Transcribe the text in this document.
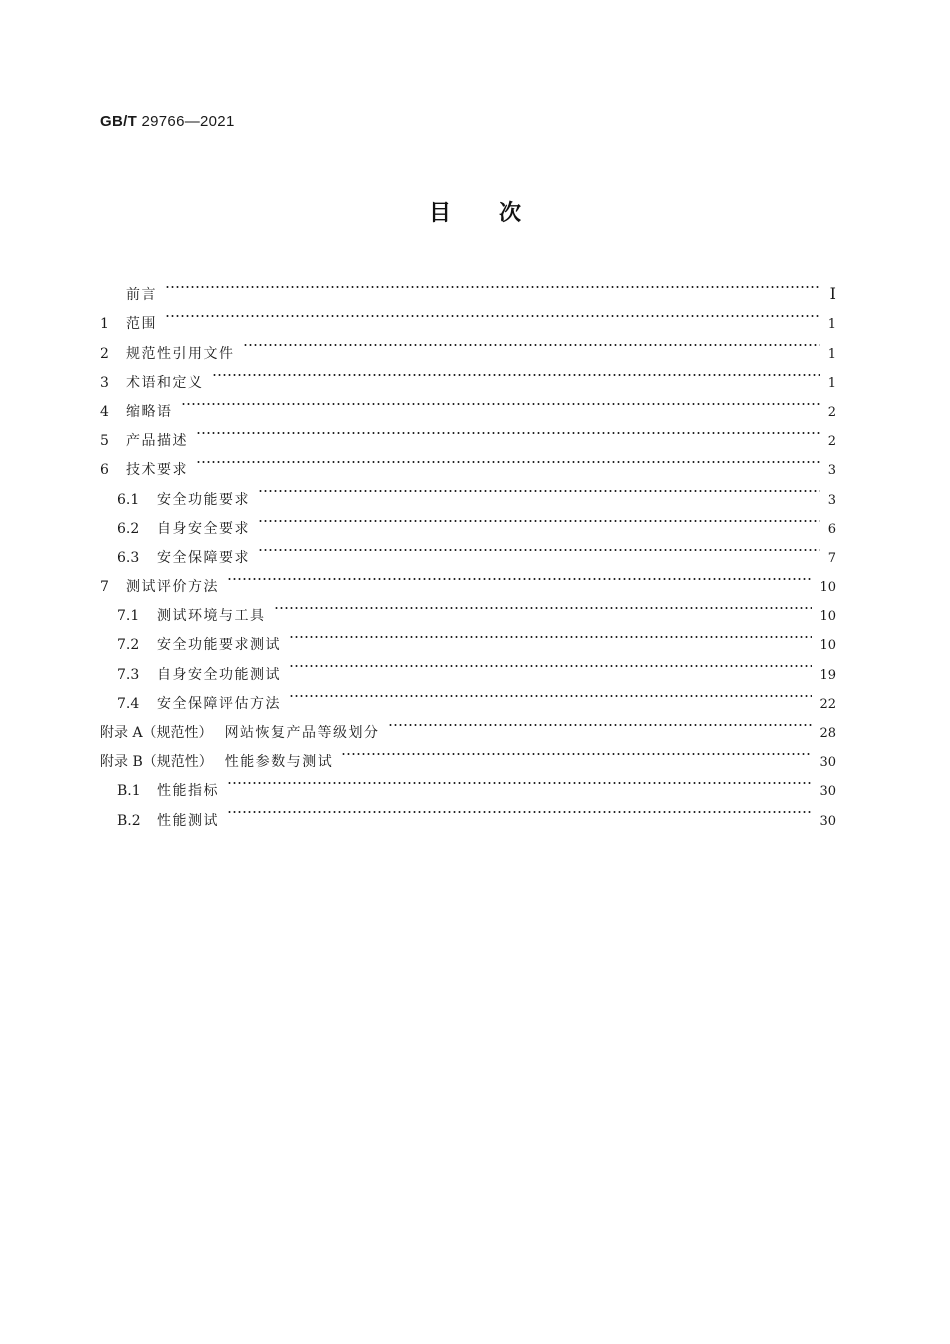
GB/T 29766—2021
目次
前言	I
1	范围	1
2	规范性引用文件	1
3	术语和定义	1
4	缩略语	2
5	产品描述	2
6	技术要求	3
6.1	安全功能要求	3
6.2	自身安全要求	6
6.3	安全保障要求	7
7	测试评价方法	10
7.1	测试环境与工具	10
7.2	安全功能要求测试	10
7.3	自身安全功能测试	19
7.4	安全保障评估方法	22
附录 A（规范性） 网站恢复产品等级划分	28
附录 B（规范性） 性能参数与测试	30
B.1	性能指标	30
B.2	性能测试	30
